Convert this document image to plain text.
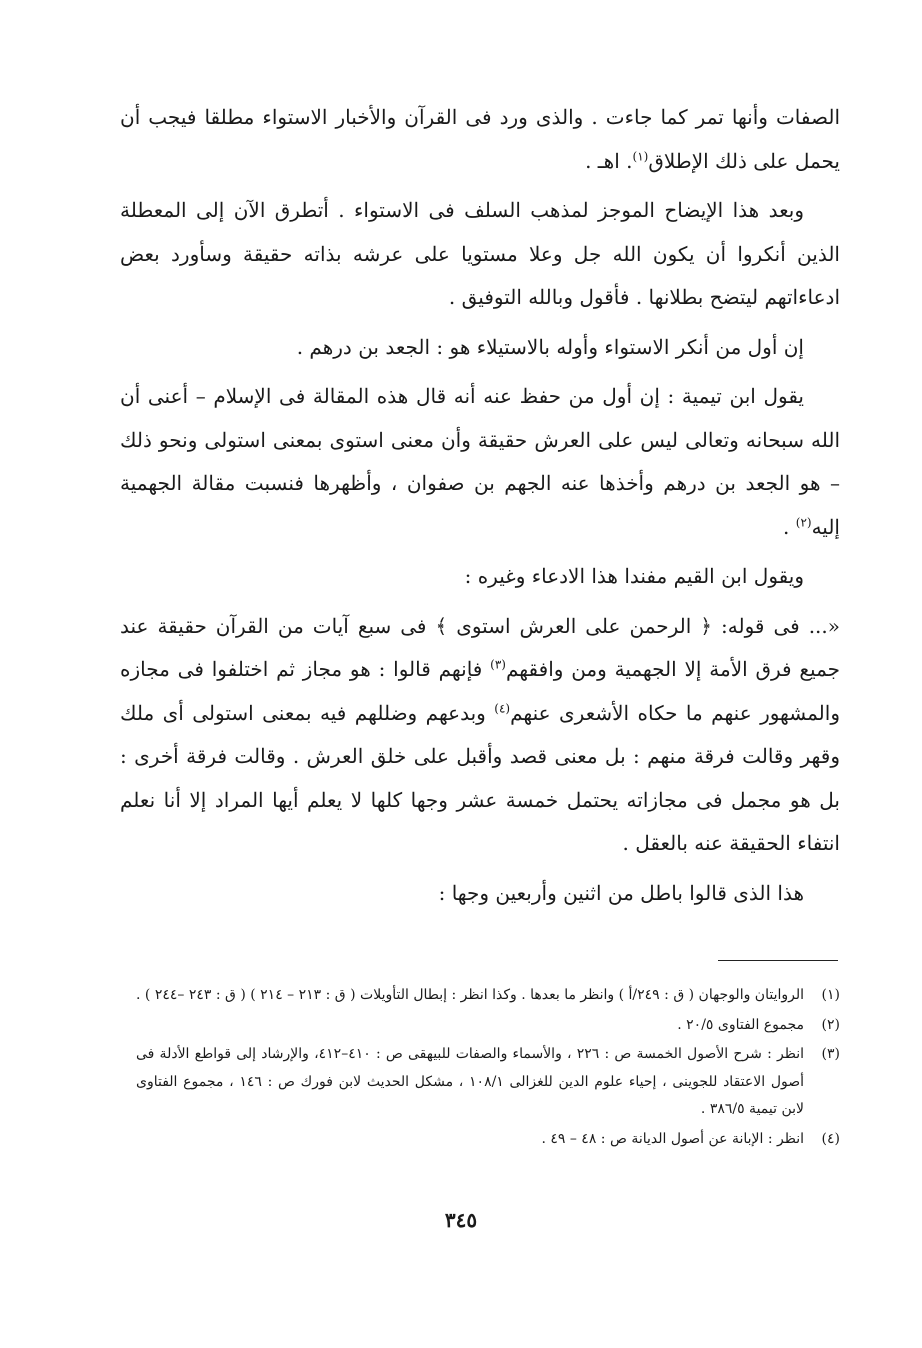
الصفات وأنها تمر كما جاءت . والذى ورد فى القرآن والأخبار الاستواء مطلقا فيجب أن يحمل على ذلك الإطلاق$^{(١)}$. اهـ .

وبعد هذا الإيضاح الموجز لمذهب السلف فى الاستواء . أتطرق الآن إلى المعطلة الذين أنكروا أن يكون الله جل وعلا مستويا على عرشه بذاته حقيقة وسأورد بعض ادعاءاتهم ليتضح بطلانها . فأقول وبالله التوفيق .

إن أول من أنكر الاستواء وأوله بالاستيلاء هو : الجعد بن درهم .

يقول ابن تيمية : إن أول من حفظ عنه أنه قال هذه المقالة فى الإسلام – أعنى أن الله سبحانه وتعالى ليس على العرش حقيقة وأن معنى استوى بمعنى استولى ونحو ذلك – هو الجعد بن درهم وأخذها عنه الجهم بن صفوان ، وأظهرها فنسبت مقالة الجهمية إليه$^{(٢)}$ .

ويقول ابن القيم مفندا هذا الادعاء وغيره :

«... فى قوله: ﴿ الرحمن على العرش استوى ﴾ فى سبع آيات من القرآن حقيقة عند جميع فرق الأمة إلا الجهمية ومن وافقهم$^{(٣)}$ فإنهم قالوا : هو مجاز ثم اختلفوا فى مجازه والمشهور عنهم ما حكاه الأشعرى عنهم$^{(٤)}$ وبدعهم وضللهم فيه بمعنى استولى أى ملك وقهر وقالت فرقة منهم : بل معنى قصد وأقبل على خلق العرش . وقالت فرقة أخرى : بل هو مجمل فى مجازاته يحتمل خمسة عشر وجها كلها لا يعلم أيها المراد إلا أنا نعلم انتفاء الحقيقة عنه بالعقل .

هذا الذى قالوا باطل من اثنين وأربعين وجها :

(١)
الروايتان والوجهان ( ق : ٢٤٩/أ ) وانظر ما بعدها . وكذا انظر : إبطال التأويلات ( ق : ٢١٣ – ٢١٤ ) ( ق : ٢٤٣ –٢٤٤ ) .
(٢)
مجموع الفتاوى ٢٠/٥ .
(٣)
انظر : شرح الأصول الخمسة ص : ٢٢٦ ، والأسماء والصفات للبيهقى ص : ٤١٠–٤١٢، والإرشاد إلى قواطع الأدلة فى أصول الاعتقاد للجوينى ، إحياء علوم الدين للغزالى ١٠٨/١ ، مشكل الحديث لابن فورك ص : ١٤٦ ، مجموع الفتاوى لابن تيمية ٣٨٦/٥ .
(٤)
انظر : الإبانة عن أصول الديانة ص : ٤٨ – ٤٩ .
٣٤٥
